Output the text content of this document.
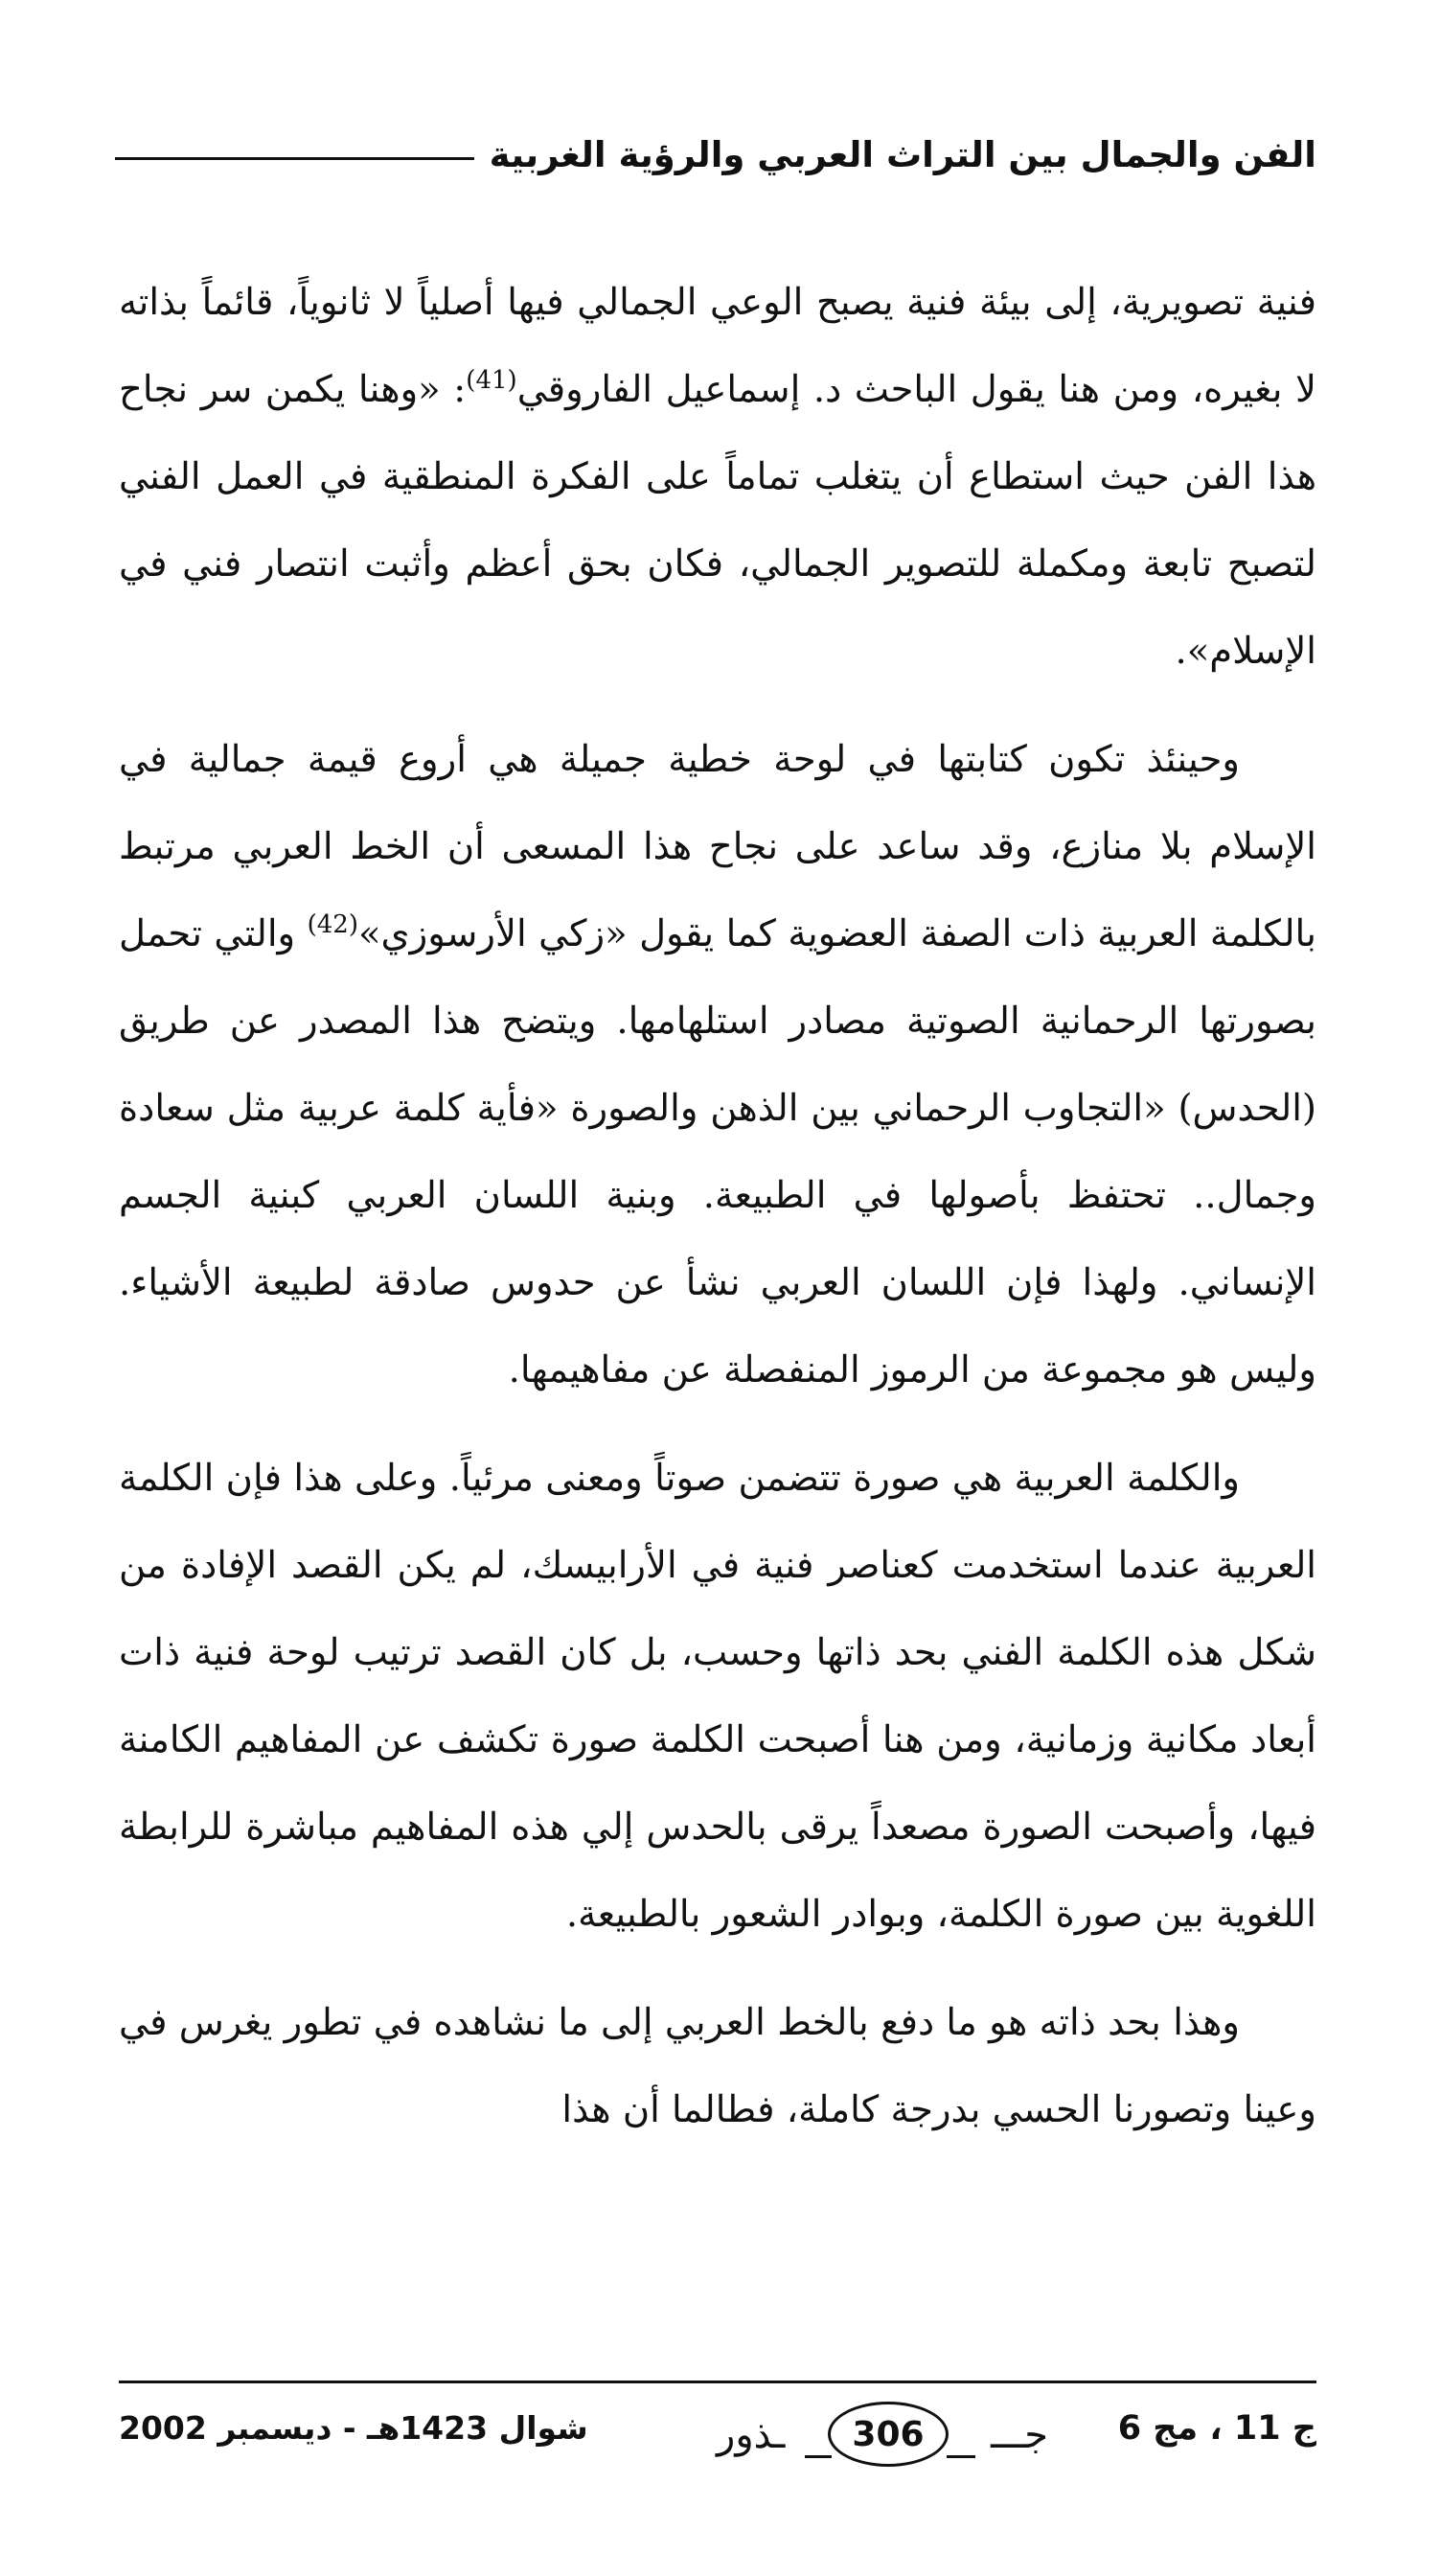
الفن والجمال بين التراث العربي والرؤية الغربية

فنية تصويرية، إلى بيئة فنية يصبح الوعي الجمالي فيها أصلياً لا ثانوياً، قائماً بذاته لا بغيره، ومن هنا يقول الباحث د. إسماعيل الفاروقي$^{(41)}$: «وهنا يكمن سر نجاح هذا الفن حيث استطاع أن يتغلب تماماً على الفكرة المنطقية في العمل الفني لتصبح تابعة ومكملة للتصوير الجمالي، فكان بحق أعظم وأثبت انتصار فني في الإسلام».

وحينئذ تكون كتابتها في لوحة خطية جميلة هي أروع قيمة جمالية في الإسلام بلا منازع، وقد ساعد على نجاح هذا المسعى أن الخط العربي مرتبط بالكلمة العربية ذات الصفة العضوية كما يقول «زكي الأرسوزي»$^{(42)}$ والتي تحمل بصورتها الرحمانية الصوتية مصادر استلهامها. ويتضح هذا المصدر عن طريق (الحدس) «التجاوب الرحماني بين الذهن والصورة «فأية كلمة عربية مثل سعادة وجمال.. تحتفظ بأصولها في الطبيعة. وبنية اللسان العربي كبنية الجسم الإنساني. ولهذا فإن اللسان العربي نشأ عن حدوس صادقة لطبيعة الأشياء. وليس هو مجموعة من الرموز المنفصلة عن مفاهيمها.

والكلمة العربية هي صورة تتضمن صوتاً ومعنى مرئياً. وعلى هذا فإن الكلمة العربية عندما استخدمت كعناصر فنية في الأرابيسك، لم يكن القصد الإفادة من شكل هذه الكلمة الفني بحد ذاتها وحسب، بل كان القصد ترتيب لوحة فنية ذات أبعاد مكانية وزمانية، ومن هنا أصبحت الكلمة صورة تكشف عن المفاهيم الكامنة فيها، وأصبحت الصورة مصعداً يرقى بالحدس إلي هذه المفاهيم مباشرة للرابطة اللغوية بين صورة الكلمة، وبوادر الشعور بالطبيعة.

وهذا بحد ذاته هو ما دفع بالخط العربي إلى ما نشاهده في تطور يغرس في وعينا وتصورنا الحسي بدرجة كاملة، فطالما أن هذا

ج 11 ، مج 6
جـــ
306
ـذور
شوال 1423هـ - ديسمبر 2002
